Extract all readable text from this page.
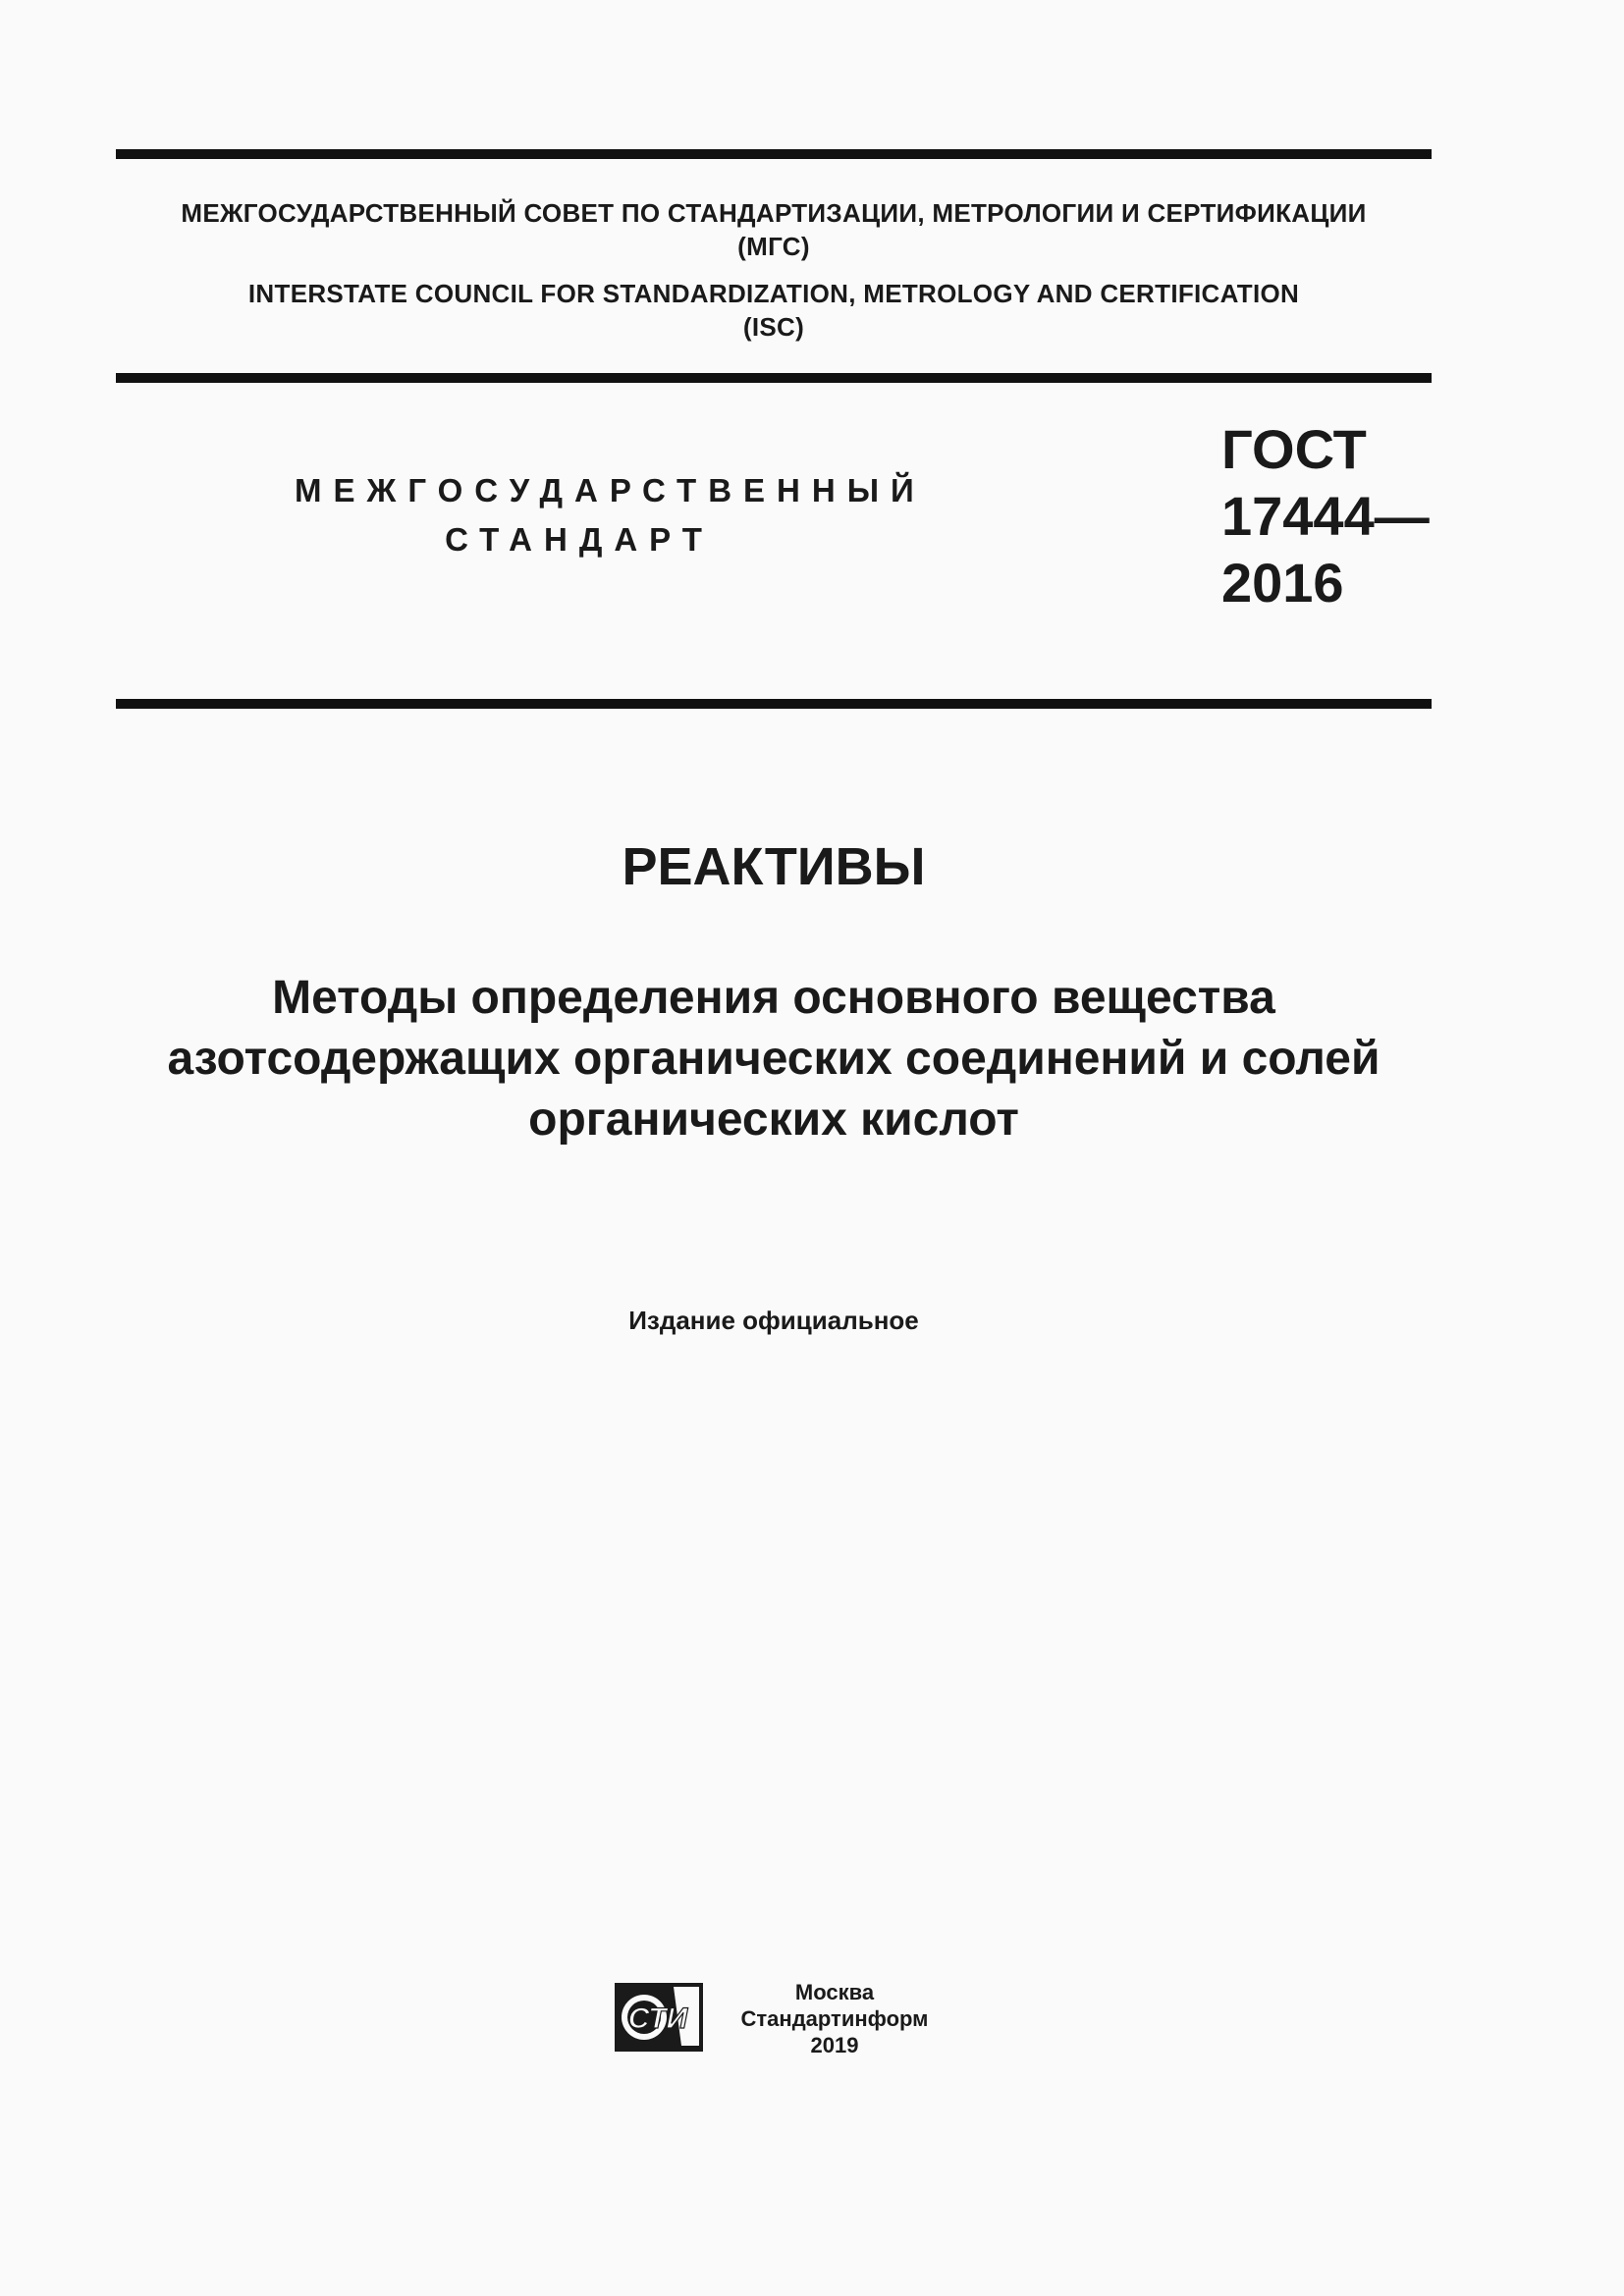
МЕЖГОСУДАРСТВЕННЫЙ СОВЕТ ПО СТАНДАРТИЗАЦИИ, МЕТРОЛОГИИ И СЕРТИФИКАЦИИ
(МГС)
INTERSTATE COUNCIL FOR STANDARDIZATION, METROLOGY AND CERTIFICATION
(ISC)
МЕЖГОСУДАРСТВЕННЫЙ
СТАНДАРТ
ГОСТ
17444—
2016
РЕАКТИВЫ
Методы определения основного вещества
азотсодержащих органических соединений и солей
органических кислот
Издание официальное
СТИ
Москва
Стандартинформ
2019
